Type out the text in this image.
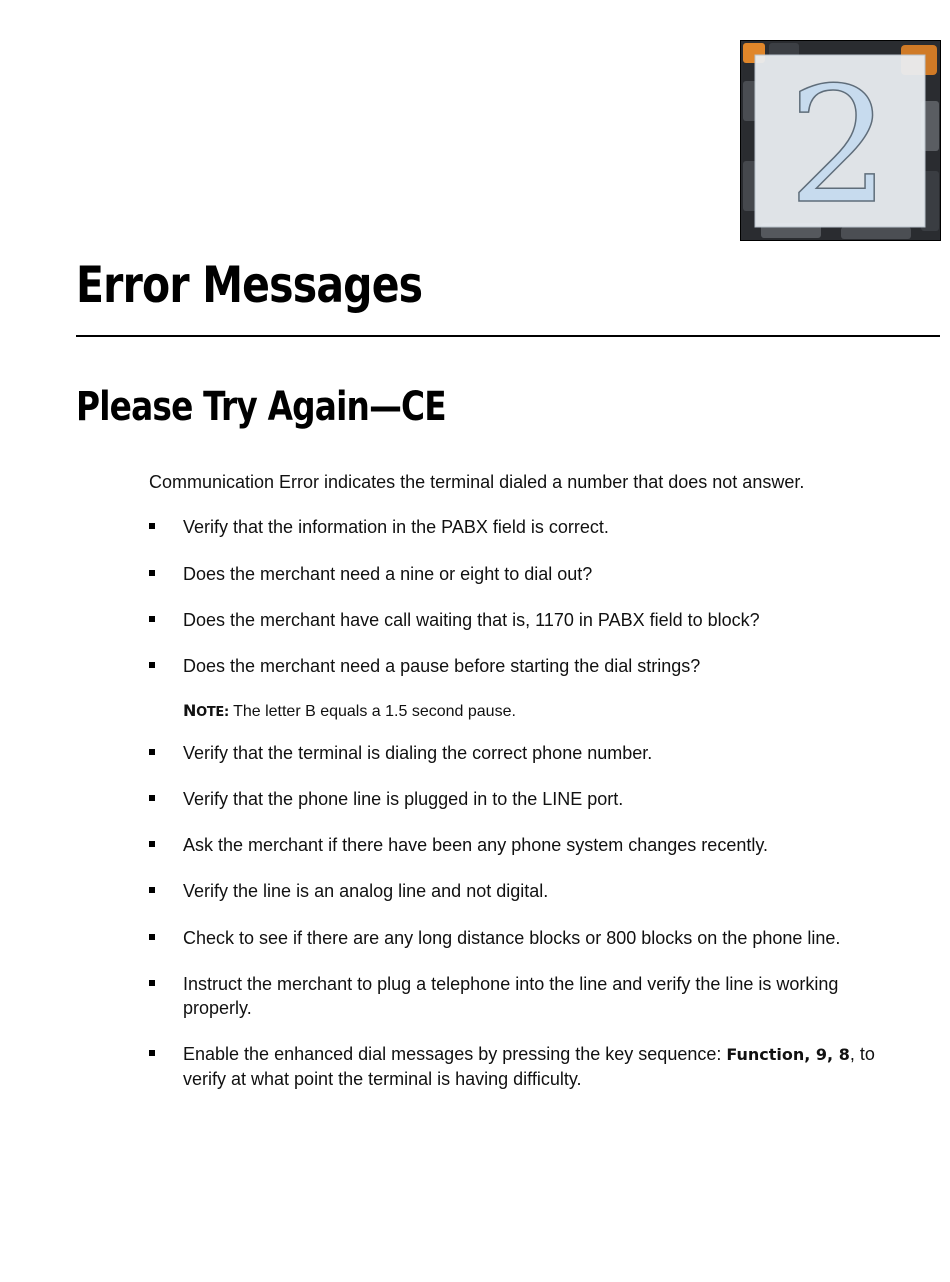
2
Error Messages
Please Try Again—CE

Communication Error indicates the terminal dialed a number that does not answer.

Verify that the information in the PABX field is correct.
Does the merchant need a nine or eight to dial out?
Does the merchant have call waiting that is, 1170 in PABX field to block?
Does the merchant need a pause before starting the dial strings?
NOTE: The letter B equals a 1.5 second pause.
Verify that the terminal is dialing the correct phone number.
Verify that the phone line is plugged in to the LINE port.
Ask the merchant if there have been any phone system changes recently.
Verify the line is an analog line and not digital.
Check to see if there are any long distance blocks or 800 blocks on the phone line.
Instruct the merchant to plug a telephone into the line and verify the line is working properly.
Enable the enhanced dial messages by pressing the key sequence: Function, 9, 8, to verify at what point the terminal is having difficulty.
